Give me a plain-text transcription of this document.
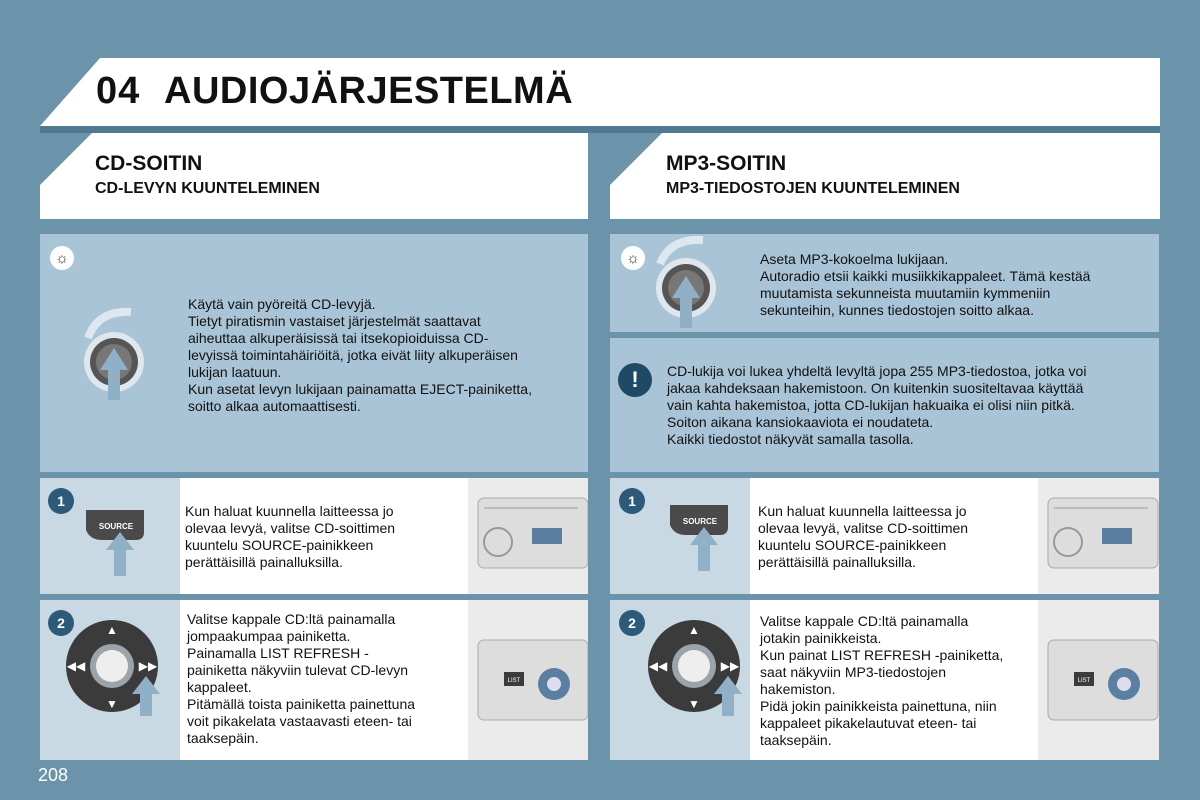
04 AUDIOJÄRJESTELMÄ
CD-SOITIN
CD-LEVYN KUUNTELEMINEN
MP3-SOITIN
MP3-TIEDOSTOJEN KUUNTELEMINEN
☼
Käytä vain pyöreitä CD-levyjä.
Tietyt piratismin vastaiset järjestelmät saattavat
aiheuttaa alkuperäisissä tai itsekopioiduissa CD-
levyissä toimintahäiriöitä, jotka eivät liity alkuperäisen
lukijan laatuun.
Kun asetat levyn lukijaan painamatta EJECT-painiketta,
soitto alkaa automaattisesti.
1
SOURCE
Kun haluat kuunnella laitteessa jo
olevaa levyä, valitse CD-soittimen
kuuntelu SOURCE-painikkeen
perättäisillä painalluksilla.
2	▲
▼
◀◀	▶▶
Valitse kappale CD:ltä painamalla
jompaakumpaa painiketta.
Painamalla LIST REFRESH -
painiketta näkyviin tulevat CD-levyn
kappaleet.
Pitämällä toista painiketta painettuna
voit pikakelata vastaavasti eteen- tai
taaksepäin.
LIST
☼	Aseta MP3-kokoelma lukijaan.
Autoradio etsii kaikki musiikkikappaleet. Tämä kestää
muutamista sekunneista muutamiin kymmeniin
sekunteihin, kunnes tiedostojen soitto alkaa.
!	CD-lukija voi lukea yhdeltä levyltä jopa 255 MP3-tiedostoa, jotka voi
jakaa kahdeksaan hakemistoon. On kuitenkin suositeltavaa käyttää
vain kahta hakemistoa, jotta CD-lukijan hakuaika ei olisi niin pitkä.
Soiton aikana kansiokaaviota ei noudateta.
Kaikki tiedostot näkyvät samalla tasolla.
1
SOURCE
Kun haluat kuunnella laitteessa jo
olevaa levyä, valitse CD-soittimen
kuuntelu SOURCE-painikkeen
perättäisillä painalluksilla.
2	▲
▼
◀◀	▶▶
Valitse kappale CD:ltä painamalla
jotakin painikkeista.
Kun painat LIST REFRESH -painiketta,
saat näkyviin MP3-tiedostojen
hakemiston.
Pidä jokin painikkeista painettuna, niin
kappaleet pikakelautuvat eteen- tai
taaksepäin.
LIST
208
